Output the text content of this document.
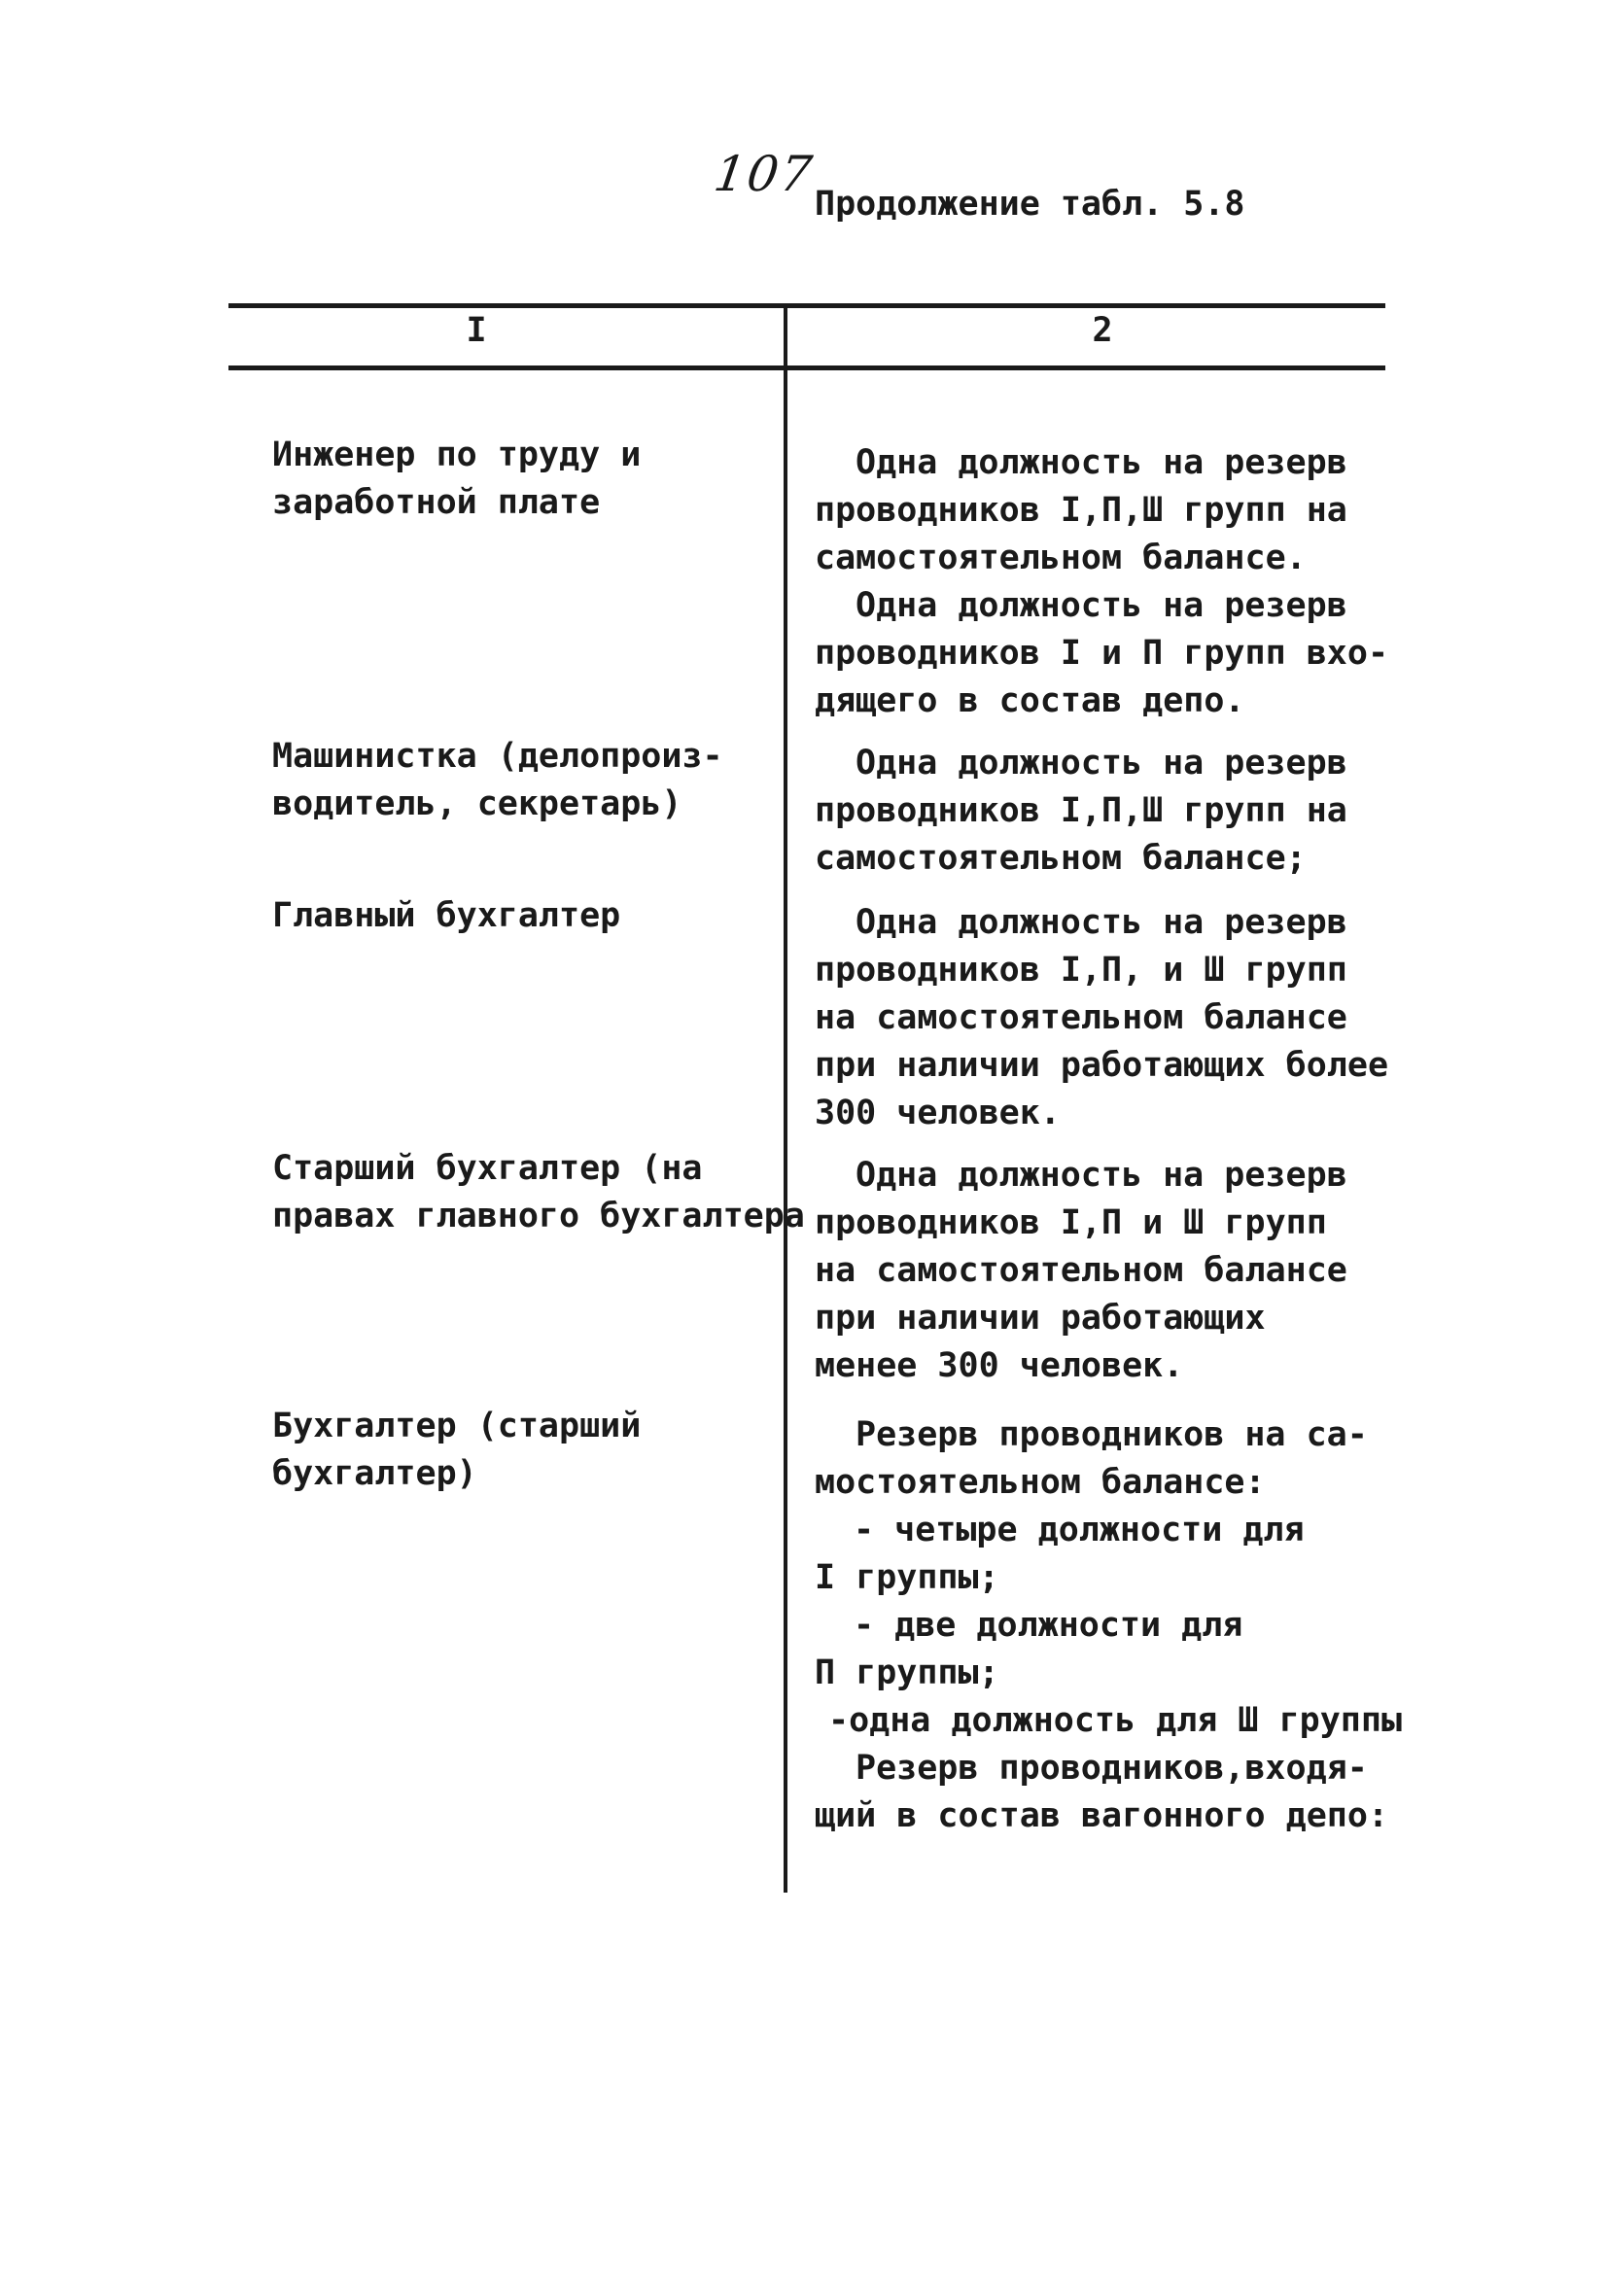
107
Продолжение табл. 5.8
I	2
Инженер по труду и
заработной плате
Одна должность на резерв
проводников I,П,Ш групп на
самостоятельном балансе.
Одна должность на резерв
проводников I и П групп вхо-
дящего в состав депо.
Машинистка (делопроиз-
водитель, секретарь)
Одна должность на резерв
проводников I,П,Ш групп на
самостоятельном балансе;
Главный бухгалтер	Одна должность на резерв
проводников I,П, и Ш групп
на самостоятельном балансе
при наличии работающих более
300 человек.
Старший бухгалтер (на
правах главного бухгалтера
Одна должность на резерв
проводников I,П и Ш групп
на самостоятельном балансе
при наличии работающих
менее 300 человек.
Бухгалтер (старший
бухгалтер)
Резерв проводников на са-
мостоятельном балансе:
- четыре должности для
I группы;
- две должности для
П группы;
-одна должность для Ш группы
Резерв проводников,входя-
щий в состав вагонного депо:
